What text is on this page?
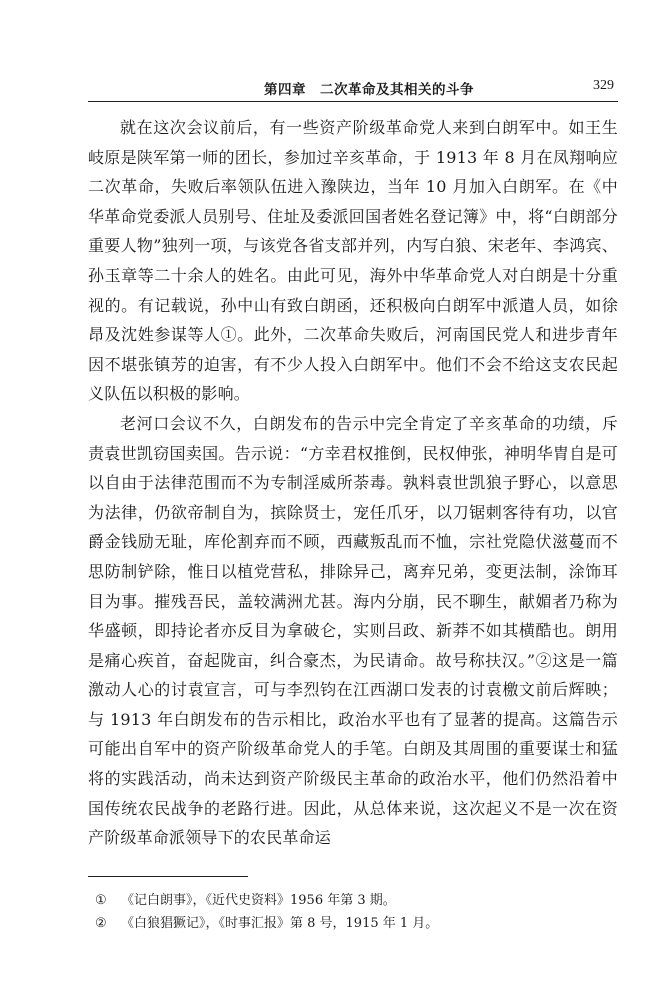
第四章　二次革命及其相关的斗争	329

就在这次会议前后，有一些资产阶级革命党人来到白朗军中。如王生岐原是陕军第一师的团长，参加过辛亥革命，于 1913 年 8 月在凤翔响应二次革命，失败后率领队伍进入豫陕边，当年 10 月加入白朗军。在《中华革命党委派人员别号、住址及委派回国者姓名登记簿》中，将“白朗部分重要人物”独列一项，与该党各省支部并列，内写白狼、宋老年、李鸿宾、孙玉章等二十余人的姓名。由此可见，海外中华革命党人对白朗是十分重视的。有记载说，孙中山有致白朗函，还积极向白朗军中派遣人员，如徐昂及沈姓参谋等人①。此外，二次革命失败后，河南国民党人和进步青年因不堪张镇芳的迫害，有不少人投入白朗军中。他们不会不给这支农民起义队伍以积极的影响。

老河口会议不久，白朗发布的告示中完全肯定了辛亥革命的功绩，斥责袁世凯窃国卖国。告示说：“方幸君权推倒，民权伸张，神明华胄自是可以自由于法律范围而不为专制淫威所荼毒。孰料袁世凯狼子野心，以意思为法律，仍欲帝制自为，摈除贤士，宠任爪牙，以刀锯刺客待有功，以官爵金钱励无耻，库伦割弃而不顾，西藏叛乱而不恤，宗社党隐伏滋蔓而不思防制铲除，惟日以植党营私，排除异己，离弃兄弟，变更法制，涂饰耳目为事。摧残吾民，盖较满洲尤甚。海内分崩，民不聊生，献媚者乃称为华盛顿，即持论者亦反目为拿破仑，实则吕政、新莽不如其横酷也。朗用是痛心疾首，奋起陇亩，纠合豪杰，为民请命。故号称扶汉。”②这是一篇激动人心的讨袁宣言，可与李烈钧在江西湖口发表的讨袁檄文前后辉映；与 1913 年白朗发布的告示相比，政治水平也有了显著的提高。这篇告示可能出自军中的资产阶级革命党人的手笔。白朗及其周围的重要谋士和猛将的实践活动，尚未达到资产阶级民主革命的政治水平，他们仍然沿着中国传统农民战争的老路行进。因此，从总体来说，这次起义不是一次在资产阶级革命派领导下的农民革命运

① 《记白朗事》，《近代史资料》1956 年第 3 期。

② 《白狼猖獗记》，《时事汇报》第 8 号，1915 年 1 月。
